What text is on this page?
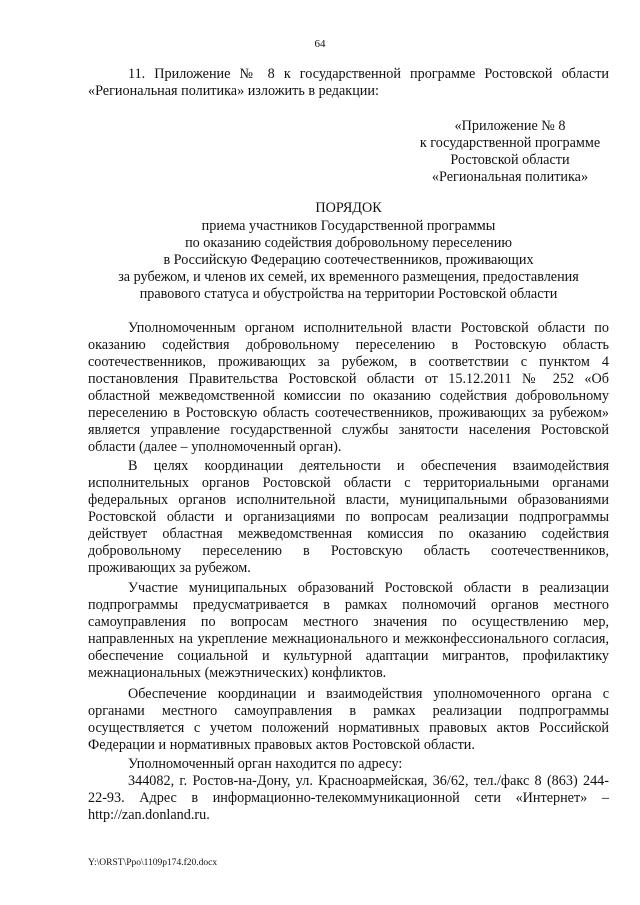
64

11. Приложение № 8 к государственной программе Ростовской области «Региональная политика» изложить в редакции:

«Приложение № 8
к государственной программе
Ростовской области
«Региональная политика»
ПОРЯДОК
приема участников Государственной программы
по оказанию содействия добровольному переселению
в Российскую Федерацию соотечественников, проживающих
за рубежом, и членов их семей, их временного размещения, предоставления
правового статуса и обустройства на территории Ростовской области

Уполномоченным органом исполнительной власти Ростовской области по оказанию содействия добровольному переселению в Ростовскую область соотечественников, проживающих за рубежом, в соответствии с пунктом 4 постановления Правительства Ростовской области от 15.12.2011 № 252 «Об областной межведомственной комиссии по оказанию содействия добровольному переселению в Ростовскую область соотечественников, проживающих за рубежом» является управление государственной службы занятости населения Ростовской области (далее – уполномоченный орган).

В целях координации деятельности и обеспечения взаимодействия исполнительных органов Ростовской области с территориальными органами федеральных органов исполнительной власти, муниципальными образованиями Ростовской области и организациями по вопросам реализации подпрограммы действует областная межведомственная комиссия по оказанию содействия добровольному переселению в Ростовскую область соотечественников, проживающих за рубежом.

Участие муниципальных образований Ростовской области в реализации подпрограммы предусматривается в рамках полномочий органов местного самоуправления по вопросам местного значения по осуществлению мер, направленных на укрепление межнационального и межконфессионального согласия, обеспечение социальной и культурной адаптации мигрантов, профилактику межнациональных (межэтнических) конфликтов.

Обеспечение координации и взаимодействия уполномоченного органа с органами местного самоуправления в рамках реализации подпрограммы осуществляется с учетом положений нормативных правовых актов Российской Федерации и нормативных правовых актов Ростовской области.

Уполномоченный орган находится по адресу:

344082, г. Ростов-на-Дону, ул. Красноармейская, 36/62, тел./факс 8 (863) 244-22-93. Адрес в информационно-телекоммуникационной сети «Интернет» – http://zan.donland.ru.

Y:\ORST\Ppo\1109p174.f20.docx
